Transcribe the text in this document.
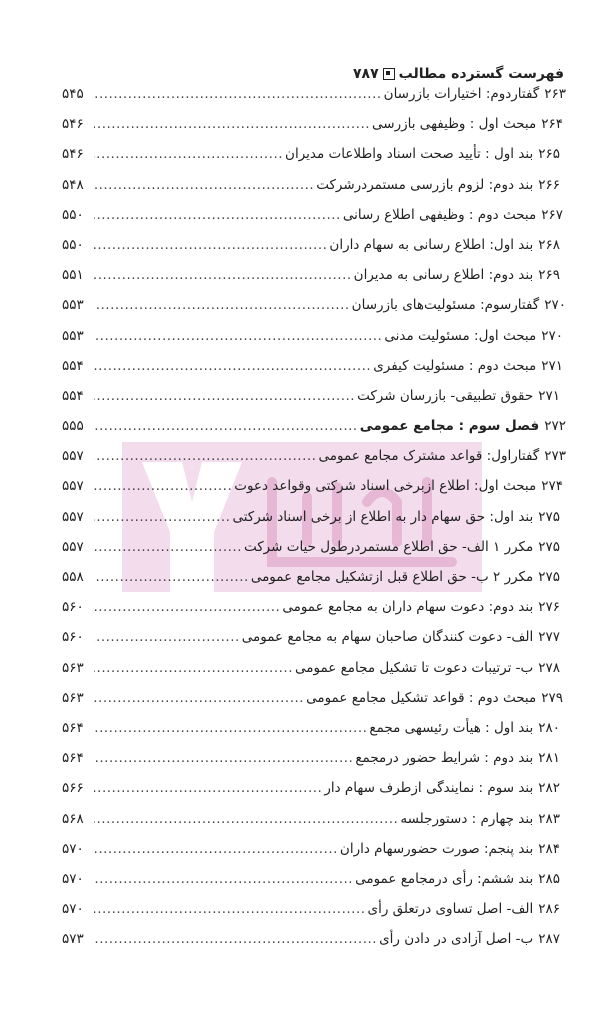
فهرست گسترده مطالب
۷۸۷
۲۶۳
گفتاردوم: اختیارات بازرسان
.....
۵۴۵
۲۶۴
مبحث اول : وظیفهی بازرسی
.....
۵۴۶
۲۶۵
بند اول : تأیید صحت اسناد واطلاعات مدیران
.....
۵۴۶
۲۶۶
بند دوم: لزوم بازرسی مستمردرشرکت
.....
۵۴۸
۲۶۷
مبحث دوم : وظیفهی اطلاع رسانی
.....
۵۵۰
۲۶۸
بند اول: اطلاع رسانی به سهام داران
.....
۵۵۰
۲۶۹
بند دوم: اطلاع رسانی به مدیران
.....
۵۵۱
۲۷۰
گفتارسوم: مسئولیت‌های بازرسان
.....
۵۵۳
۲۷۰
مبحث اول: مسئولیت مدنی
.....
۵۵۳
۲۷۱
مبحث دوم : مسئولیت کیفری
.....
۵۵۴
۲۷۱
حقوق تطبیقی- بازرسان شرکت
.....
۵۵۴
۲۷۲
فصل سوم : مجامع عمومی
.....
۵۵۵
۲۷۳
گفتاراول: قواعد مشترک مجامع عمومی
.....
۵۵۷
۲۷۴
مبحث اول: اطلاع ازبرخی اسناد شرکتی وقواعد دعوت
.....
۵۵۷
۲۷۵
بند اول: حق سهام دار به اطلاع از برخی اسناد شرکتی
.....
۵۵۷
۲۷۵
مکرر ۱ الف- حق اطلاع مستمردرطول حیات شرکت
.....
۵۵۷
۲۷۵
مکرر ۲ ب- حق اطلاع قبل ازتشکیل مجامع عمومی
.....
۵۵۸
۲۷۶
بند دوم: دعوت سهام داران به مجامع عمومی
.....
۵۶۰
۲۷۷
الف- دعوت کنندگان صاحبان سهام به مجامع عمومی
.....
۵۶۰
۲۷۸
ب- ترتیبات دعوت تا تشکیل مجامع عمومی
.....
۵۶۳
۲۷۹
مبحث دوم : قواعد تشکیل مجامع عمومی
.....
۵۶۳
۲۸۰
بند اول : هیأت رئیسهی مجمع
.....
۵۶۴
۲۸۱
بند دوم : شرایط حضور درمجمع
.....
۵۶۴
۲۸۲
بند سوم : نمایندگی ازطرف سهام دار
.....
۵۶۶
۲۸۳
بند چهارم : دستورجلسه
.....
۵۶۸
۲۸۴
بند پنجم: صورت حضورسهام داران
.....
۵۷۰
۲۸۵
بند ششم: رأی درمجامع عمومی
.....
۵۷۰
۲۸۶
الف- اصل تساوی درتعلق رأی
.....
۵۷۰
۲۸۷
ب- اصل آزادی در دادن رأی
.....
۵۷۳
